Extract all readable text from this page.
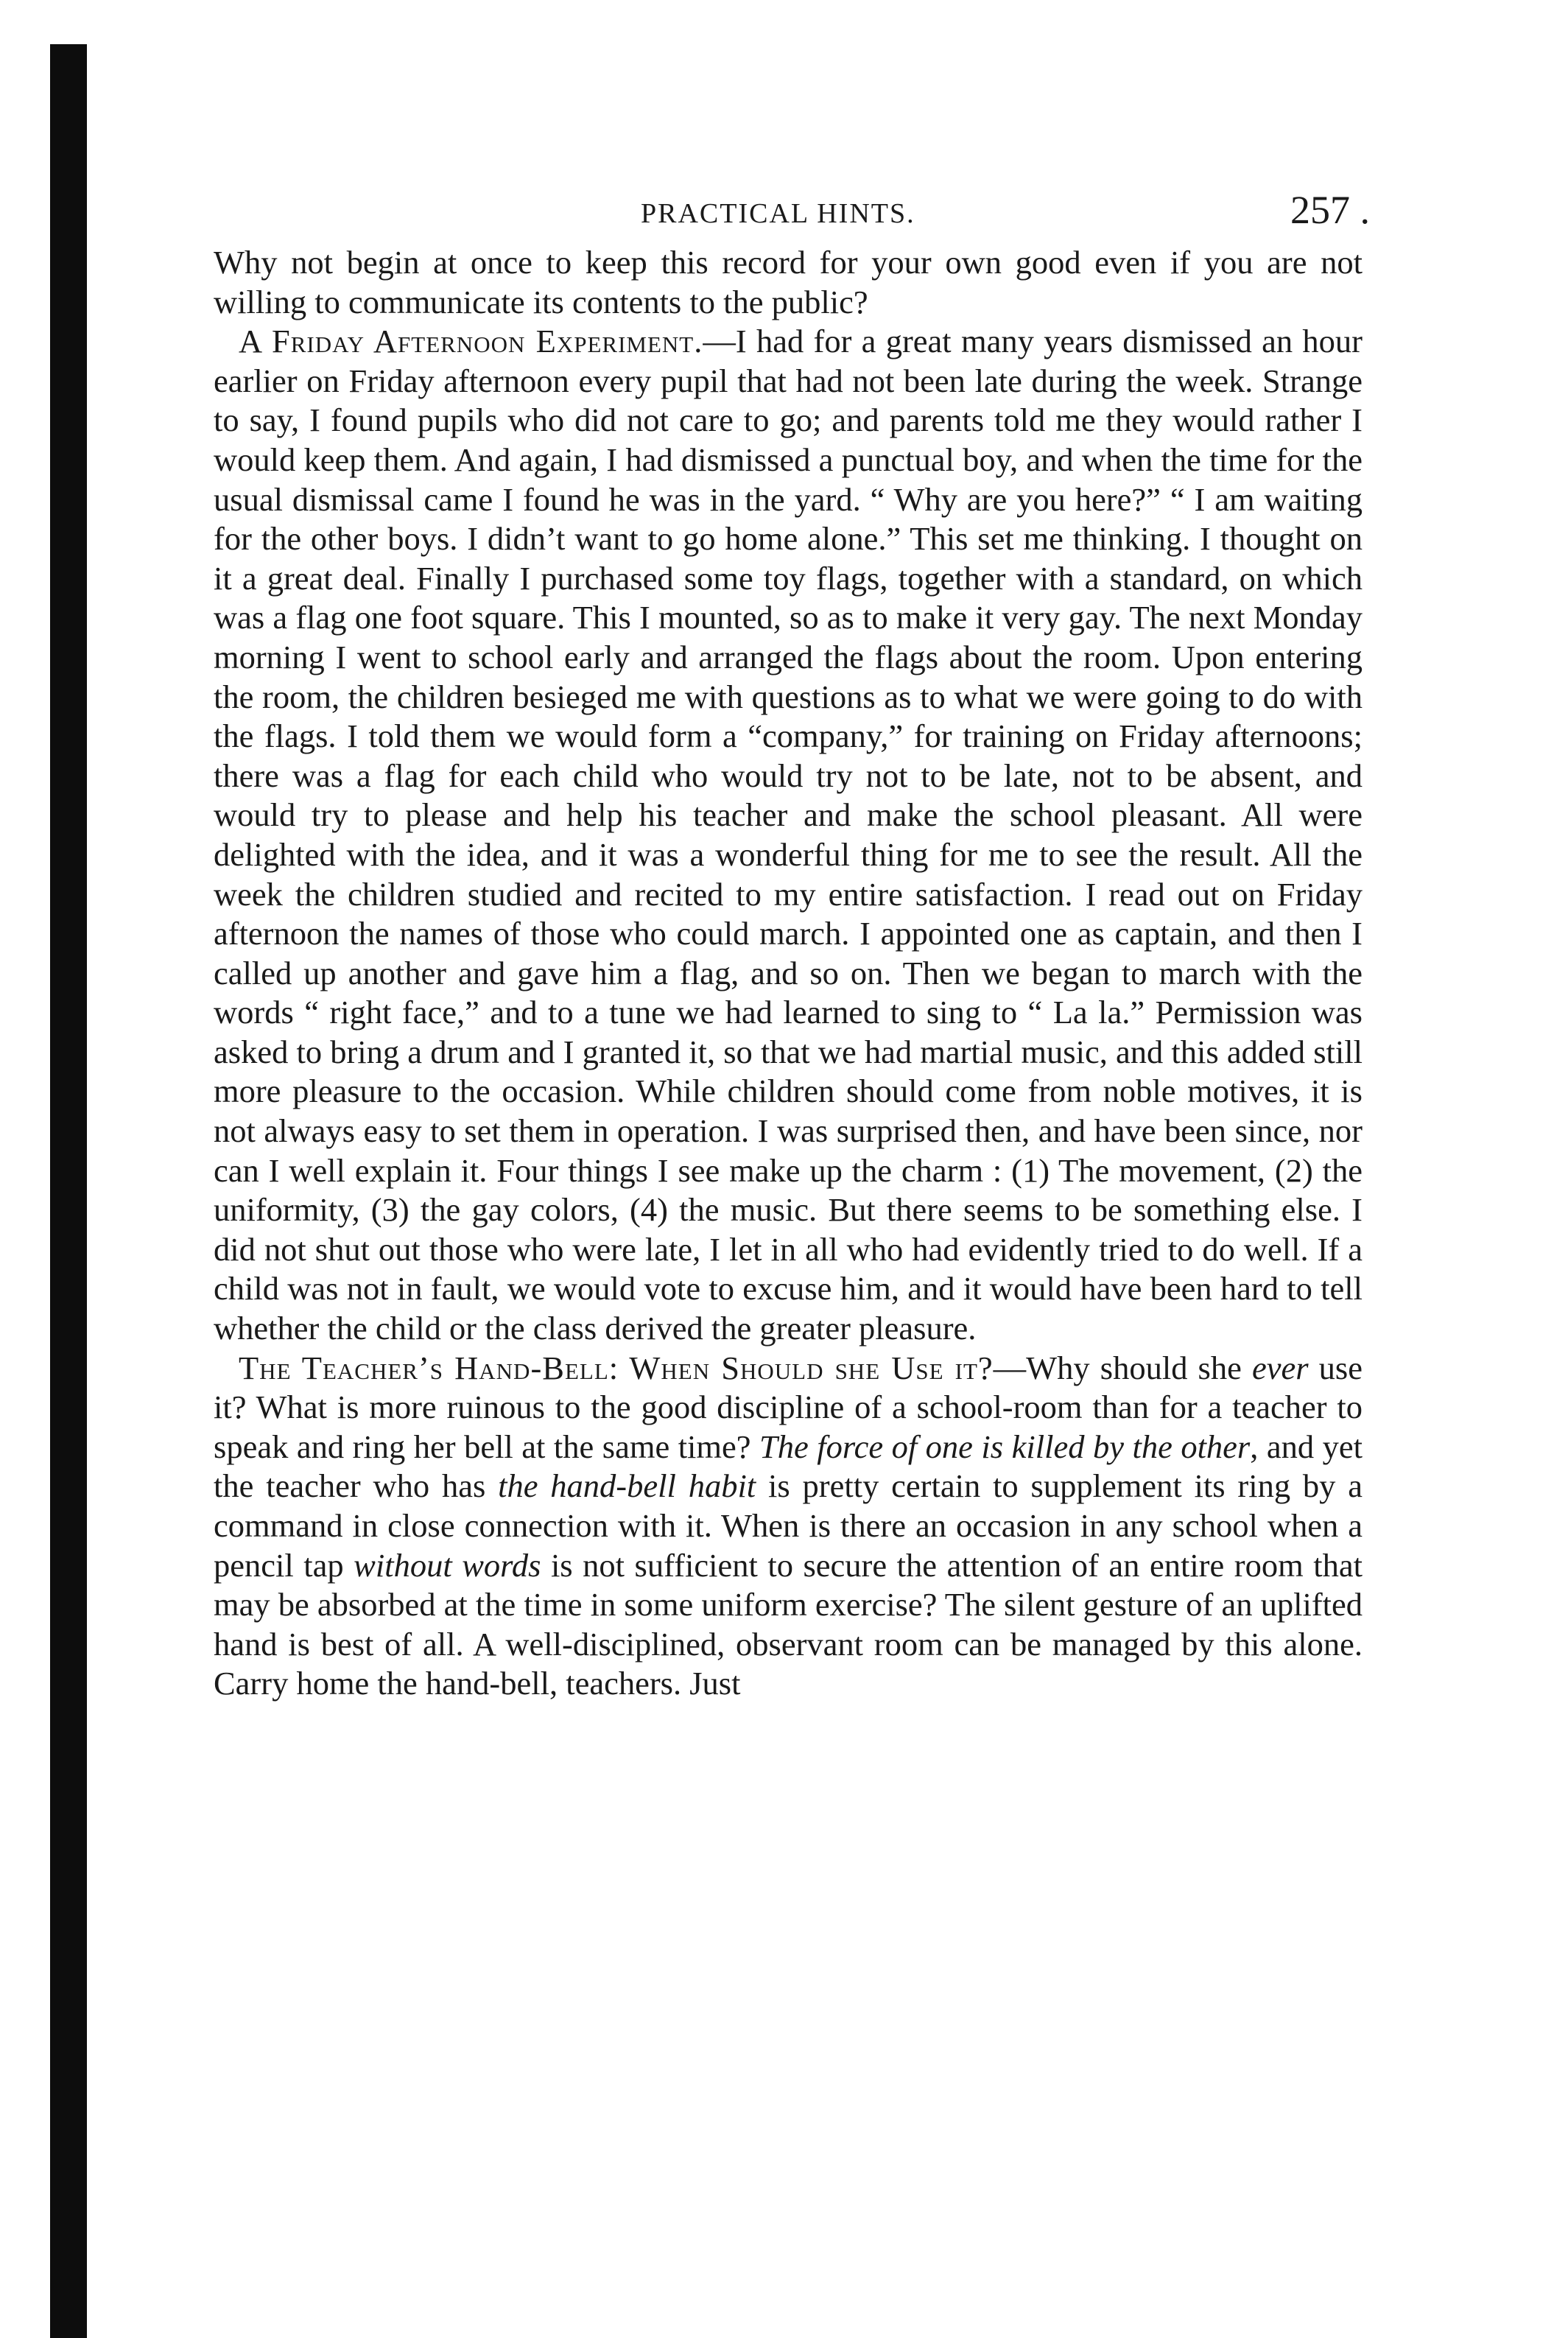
PRACTICAL HINTS.	257 .

Why not begin at once to keep this record for your own good even if you are not willing to communicate its contents to the public?

A Friday Afternoon Experiment.—I had for a great many years dismissed an hour earlier on Friday afternoon every pupil that had not been late during the week. Strange to say, I found pupils who did not care to go; and parents told me they would rather I would keep them. And again, I had dismissed a punctual boy, and when the time for the usual dismissal came I found he was in the yard. “ Why are you here?” “ I am waiting for the other boys. I didn’t want to go home alone.” This set me thinking. I thought on it a great deal. Finally I purchased some toy flags, together with a standard, on which was a flag one foot square. This I mounted, so as to make it very gay. The next Monday morning I went to school early and arranged the flags about the room. Upon entering the room, the children besieged me with questions as to what we were going to do with the flags. I told them we would form a “company,” for training on Friday afternoons; there was a flag for each child who would try not to be late, not to be absent, and would try to please and help his teacher and make the school pleasant. All were delighted with the idea, and it was a wonderful thing for me to see the result. All the week the children studied and recited to my entire satisfaction. I read out on Friday afternoon the names of those who could march. I appointed one as captain, and then I called up another and gave him a flag, and so on. Then we began to march with the words “ right face,” and to a tune we had learned to sing to “ La la.” Permission was asked to bring a drum and I granted it, so that we had martial music, and this added still more pleasure to the occasion. While children should come from noble motives, it is not always easy to set them in operation. I was surprised then, and have been since, nor can I well explain it. Four things I see make up the charm : (1) The movement, (2) the uniformity, (3) the gay colors, (4) the music. But there seems to be something else. I did not shut out those who were late, I let in all who had evidently tried to do well. If a child was not in fault, we would vote to excuse him, and it would have been hard to tell whether the child or the class derived the greater pleasure.

The Teacher’s Hand-Bell: When Should she Use it?—Why should she ever use it? What is more ruinous to the good discipline of a school-room than for a teacher to speak and ring her bell at the same time? The force of one is killed by the other, and yet the teacher who has the hand-bell habit is pretty certain to supplement its ring by a command in close connection with it. When is there an occasion in any school when a pencil tap without words is not sufficient to secure the attention of an entire room that may be absorbed at the time in some uniform exercise? The silent gesture of an uplifted hand is best of all. A well-disciplined, observant room can be managed by this alone. Carry home the hand-bell, teachers. Just
